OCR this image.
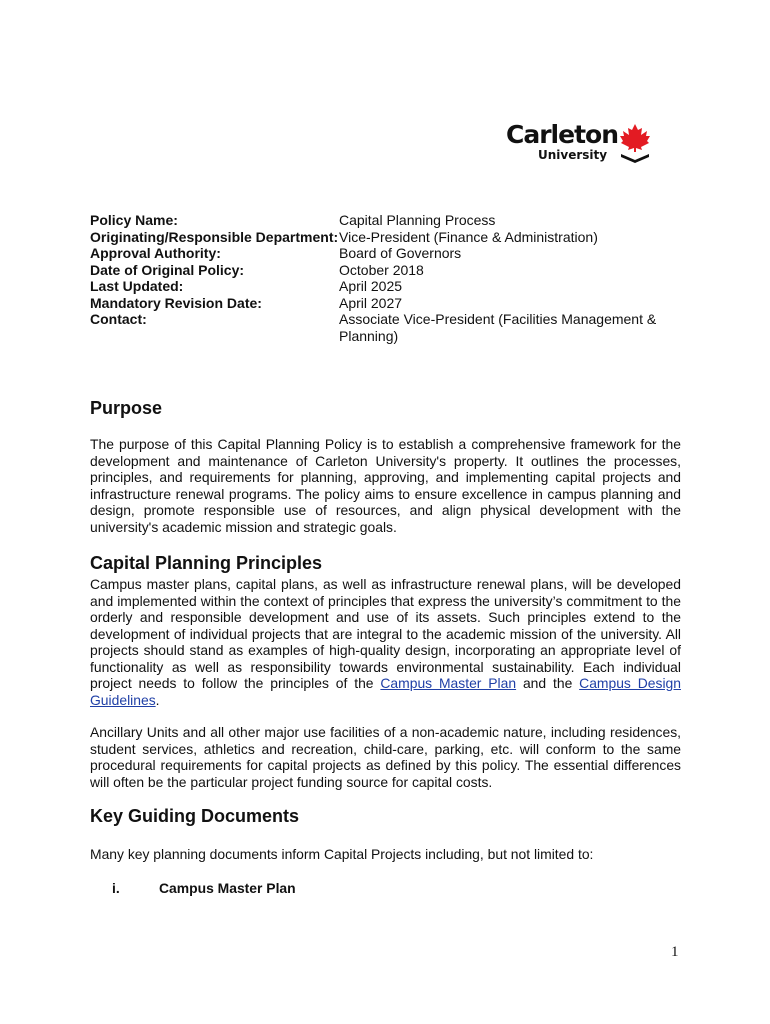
Carleton
University
Policy Name:	Capital Planning Process
Originating/Responsible Department: Vice-President (Finance & Administration)
Approval Authority:	Board of Governors
Date of Original Policy:	October 2018
Last Updated:	April 2025
Mandatory Revision Date:	April 2027
Contact:	Associate Vice-President (Facilities Management & Planning)
Purpose

The purpose of this Capital Planning Policy is to establish a comprehensive framework for the development and maintenance of Carleton University's property. It outlines the processes, principles, and requirements for planning, approving, and implementing capital projects and infrastructure renewal programs. The policy aims to ensure excellence in campus planning and design, promote responsible use of resources, and align physical development with the university's academic mission and strategic goals.

Capital Planning Principles

Campus master plans, capital plans, as well as infrastructure renewal plans, will be developed and implemented within the context of principles that express the university’s commitment to the orderly and responsible development and use of its assets. Such principles extend to the development of individual projects that are integral to the academic mission of the university. All projects should stand as examples of high-quality design, incorporating an appropriate level of functionality as well as responsibility towards environmental sustainability. Each individual project needs to follow the principles of the Campus Master Plan and the Campus Design Guidelines.

Ancillary Units and all other major use facilities of a non-academic nature, including residences, student services, athletics and recreation, child-care, parking, etc. will conform to the same procedural requirements for capital projects as defined by this policy. The essential differences will often be the particular project funding source for capital costs.

Key Guiding Documents

Many key planning documents inform Capital Projects including, but not limited to:

i.	Campus Master Plan
1
